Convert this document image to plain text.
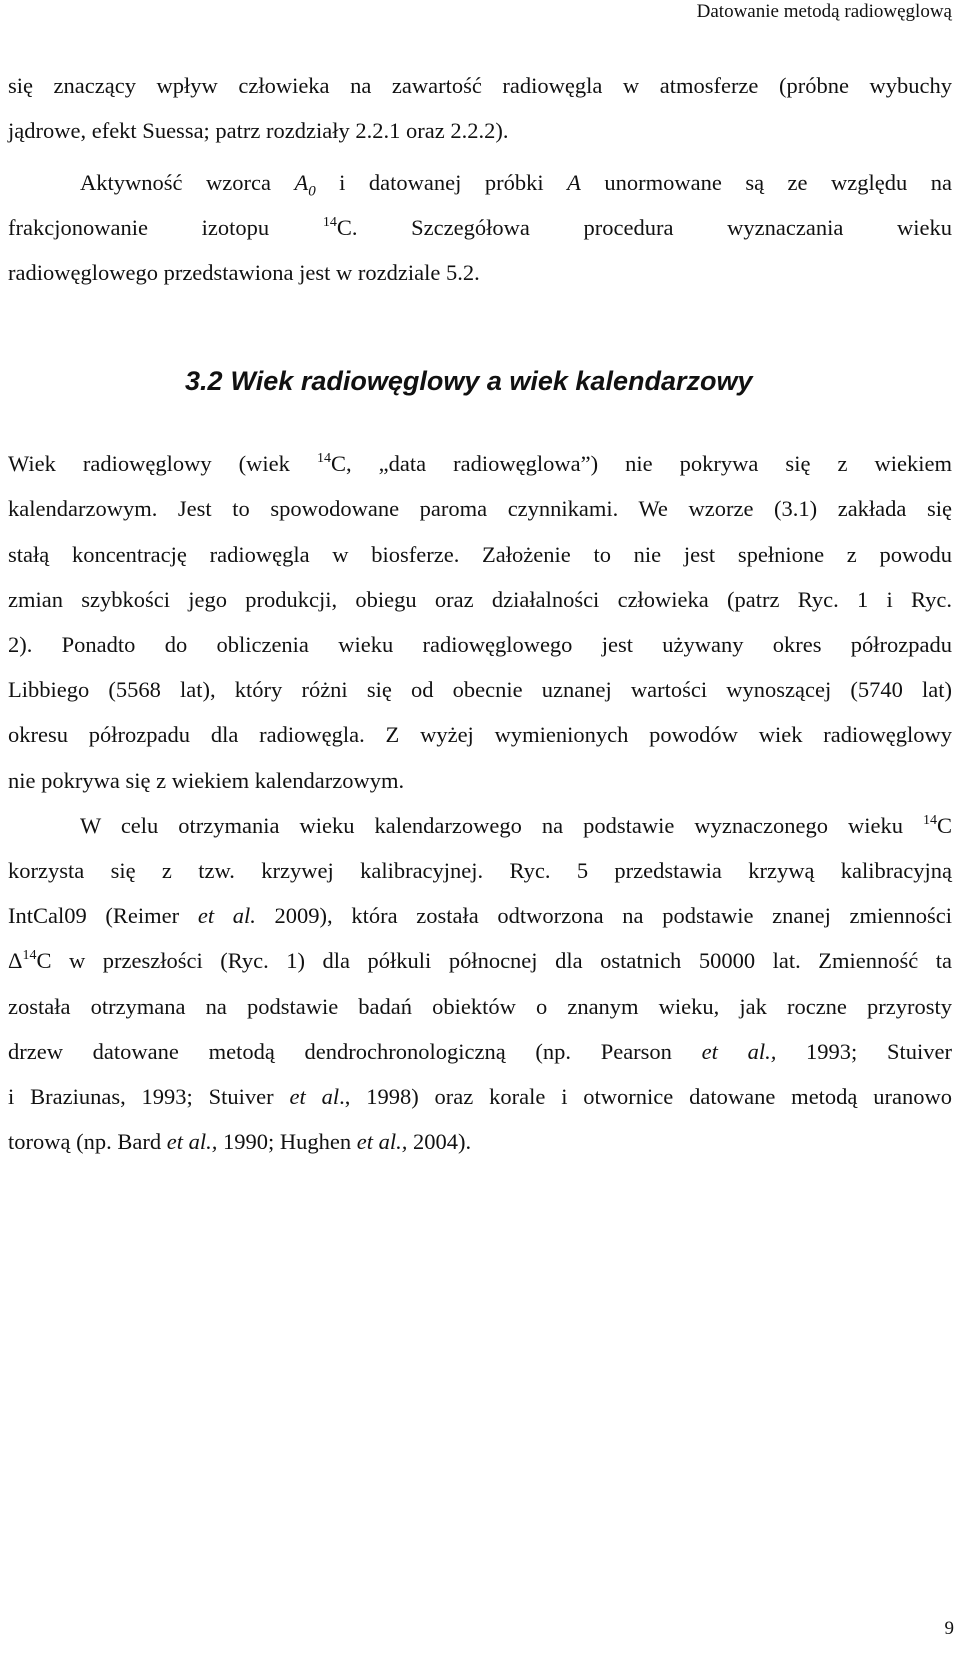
Datowanie metodą radiowęglową
się znaczący wpływ człowieka na zawartość radiowęgla w atmosferze (próbne wybuchy
jądrowe, efekt Suessa; patrz rozdziały 2.2.1 oraz 2.2.2).
Aktywność wzorca $A_0$ i datowanej próbki A unormowane są ze względu na
frakcjonowanie izotopu $^{14}$C. Szczegółowa procedura wyznaczania wieku
radiowęglowego przedstawiona jest w rozdziale 5.2.
3.2 Wiek radiowęglowy a wiek kalendarzowy
Wiek radiowęglowy (wiek $^{14}$C, „data radiowęglowa”) nie pokrywa się z wiekiem
kalendarzowym. Jest to spowodowane paroma czynnikami. We wzorze (3.1) zakłada się
stałą koncentrację radiowęgla w biosferze. Założenie to nie jest spełnione z powodu
zmian szybkości jego produkcji, obiegu oraz działalności człowieka (patrz Ryc. 1 i Ryc.
2). Ponadto do obliczenia wieku radiowęglowego jest używany okres półrozpadu
Libbiego (5568 lat), który różni się od obecnie uznanej wartości wynoszącej (5740 lat)
okresu półrozpadu dla radiowęgla. Z wyżej wymienionych powodów wiek radiowęglowy
nie pokrywa się z wiekiem kalendarzowym.
W celu otrzymania wieku kalendarzowego na podstawie wyznaczonego wieku $^{14}$C
korzysta się z tzw. krzywej kalibracyjnej. Ryc. 5 przedstawia krzywą kalibracyjną
IntCal09 (Reimer et al. 2009), która została odtworzona na podstawie znanej zmienności
$\Delta^{14}C$ w przeszłości (Ryc. 1) dla półkuli północnej dla ostatnich 50000 lat. Zmienność ta
została otrzymana na podstawie badań obiektów o znanym wieku, jak roczne przyrosty
drzew datowane metodą dendrochronologiczną (np. Pearson et al., 1993; Stuiver
i Braziunas, 1993; Stuiver et al., 1998) oraz korale i otwornice datowane metodą uranowo
torową (np. Bard et al., 1990; Hughen et al., 2004).
9
